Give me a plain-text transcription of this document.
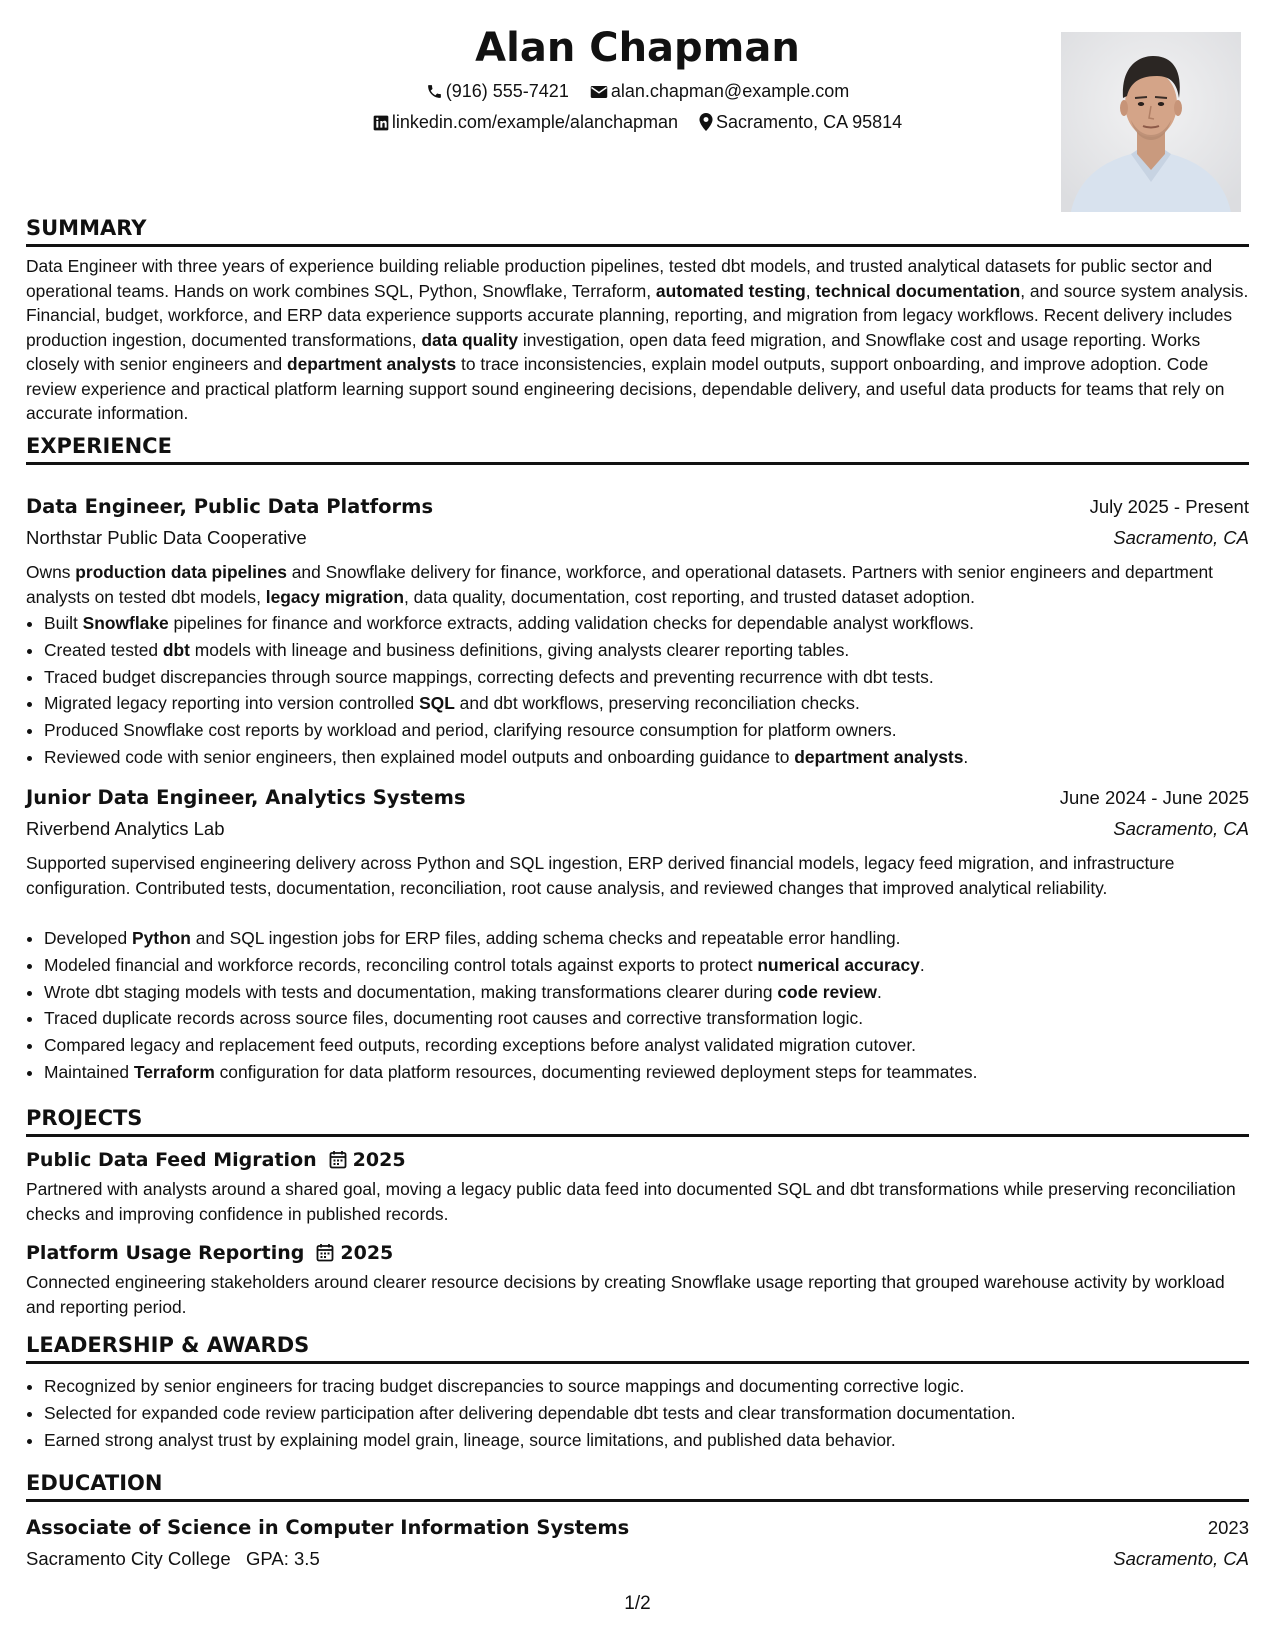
Alan Chapman
(916) 555-7421 alan.chapman@example.com
linkedin.com/example/alanchapman Sacramento, CA 95814
SUMMARY
Data Engineer with three years of experience building reliable production pipelines, tested dbt models, and trusted analytical datasets for public sector and operational teams. Hands on work combines SQL, Python, Snowflake, Terraform, automated testing, technical documentation, and source system analysis. Financial, budget, workforce, and ERP data experience supports accurate planning, reporting, and migration from legacy workflows. Recent delivery includes production ingestion, documented transformations, data quality investigation, open data feed migration, and Snowflake cost and usage reporting. Works closely with senior engineers and department analysts to trace inconsistencies, explain model outputs, support onboarding, and improve adoption. Code review experience and practical platform learning support sound engineering decisions, dependable delivery, and useful data products for teams that rely on accurate information.
EXPERIENCE
Data Engineer, Public Data Platforms	July 2025 - Present
Northstar Public Data Cooperative	Sacramento, CA
Owns production data pipelines and Snowflake delivery for finance, workforce, and operational datasets. Partners with senior engineers and department analysts on tested dbt models, legacy migration, data quality, documentation, cost reporting, and trusted dataset adoption.
• Built Snowflake pipelines for finance and workforce extracts, adding validation checks for dependable analyst workflows.
• Created tested dbt models with lineage and business definitions, giving analysts clearer reporting tables.
• Traced budget discrepancies through source mappings, correcting defects and preventing recurrence with dbt tests.
• Migrated legacy reporting into version controlled SQL and dbt workflows, preserving reconciliation checks.
• Produced Snowflake cost reports by workload and period, clarifying resource consumption for platform owners.
• Reviewed code with senior engineers, then explained model outputs and onboarding guidance to department analysts.
Junior Data Engineer, Analytics Systems	June 2024 - June 2025
Riverbend Analytics Lab	Sacramento, CA
Supported supervised engineering delivery across Python and SQL ingestion, ERP derived financial models, legacy feed migration, and infrastructure configuration. Contributed tests, documentation, reconciliation, root cause analysis, and reviewed changes that improved analytical reliability.
• Developed Python and SQL ingestion jobs for ERP files, adding schema checks and repeatable error handling.
• Modeled financial and workforce records, reconciling control totals against exports to protect numerical accuracy.
• Wrote dbt staging models with tests and documentation, making transformations clearer during code review.
• Traced duplicate records across source files, documenting root causes and corrective transformation logic.
• Compared legacy and replacement feed outputs, recording exceptions before analyst validated migration cutover.
• Maintained Terraform configuration for data platform resources, documenting reviewed deployment steps for teammates.
PROJECTS
Public Data Feed Migration 2025
Partnered with analysts around a shared goal, moving a legacy public data feed into documented SQL and dbt transformations while preserving reconciliation checks and improving confidence in published records.
Platform Usage Reporting 2025
Connected engineering stakeholders around clearer resource decisions by creating Snowflake usage reporting that grouped warehouse activity by workload and reporting period.
LEADERSHIP & AWARDS
• Recognized by senior engineers for tracing budget discrepancies to source mappings and documenting corrective logic.
• Selected for expanded code review participation after delivering dependable dbt tests and clear transformation documentation.
• Earned strong analyst trust by explaining model grain, lineage, source limitations, and published data behavior.
EDUCATION
Associate of Science in Computer Information Systems	2023
Sacramento City College GPA: 3.5	Sacramento, CA
1/2
